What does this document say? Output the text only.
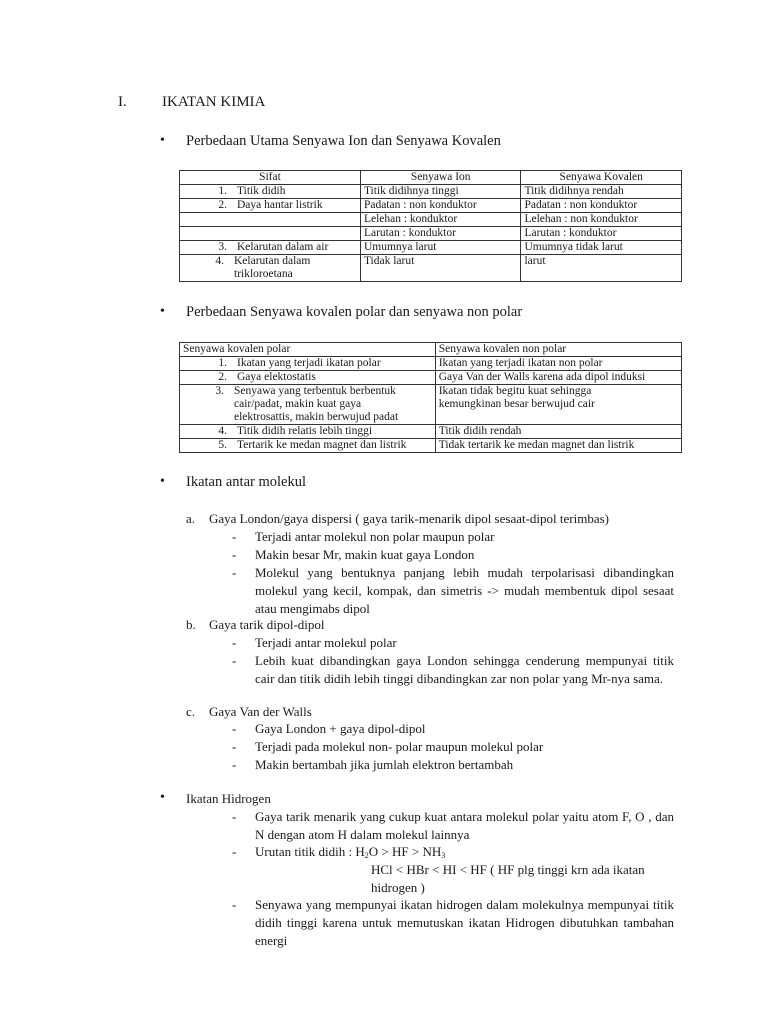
I. IKATAN KIMIA
• Perbedaan Utama Senyawa Ion dan Senyawa Kovalen
Sifat	Senyawa Ion	Senyawa Kovalen
1. Titik didih	Titik didihnya tinggi	Titik didihnya rendah
2. Daya hantar listrik	Padatan : non konduktor	Padatan : non konduktor
	Lelehan : konduktor	Lelehan : non konduktor
	Larutan : konduktor	Larutan : konduktor
3. Kelarutan dalam air	Umumnya larut	Umumnya tidak larut

4. Kelarutan dalam trikloroetana	Tidak larut	larut
• Perbedaan Senyawa kovalen polar dan senyawa non polar
Senyawa kovalen polar	Senyawa kovalen non polar
1. Ikatan yang terjadi ikatan polar	Ikatan yang terjadi ikatan non polar
2. Gaya elektostatis	Gaya Van der Walls karena ada dipol induksi

3. Senyawa yang terbentuk berbentuk cair/padat, makin kuat gaya elektrosattis, makin berwujud padat	Ikatan tidak begitu kuat sehingga kemungkinan besar berwujud cair

4. Titik didih relatis lebih tinggi	Titik didih rendah
5. Tertarik ke medan magnet dan listrik	Tidak tertarik ke medan magnet dan listrik
• Ikatan antar molekul
a. Gaya London/gaya dispersi ( gaya tarik-menarik dipol sesaat-dipol terimbas)
- Terjadi antar molekul non polar maupun polar
- Makin besar Mr, makin kuat gaya London
- Molekul yang bentuknya panjang lebih mudah terpolarisasi dibandingkan molekul yang kecil, kompak, dan simetris -> mudah membentuk dipol sesaat atau mengimabs dipol
b. Gaya tarik dipol-dipol
- Terjadi antar molekul polar
- Lebih kuat dibandingkan gaya London sehingga cenderung mempunyai titik cair dan titik didih lebih tinggi dibandingkan zar non polar yang Mr-nya sama.
c. Gaya Van der Walls
- Gaya London + gaya dipol-dipol
- Terjadi pada molekul non- polar maupun molekul polar
- Makin bertambah jika jumlah elektron bertambah
• Ikatan Hidrogen
- Gaya tarik menarik yang cukup kuat antara molekul polar yaitu atom F, O , dan N dengan atom H dalam molekul lainnya
- Urutan titik didih : $H_2O$ > HF > $NH_3$
HCl < HBr < HI < HF ( HF plg tinggi krn ada ikatan
hidrogen )
- Senyawa yang mempunyai ikatan hidrogen dalam molekulnya mempunyai titik didih tinggi karena untuk memutuskan ikatan Hidrogen dibutuhkan tambahan energi
